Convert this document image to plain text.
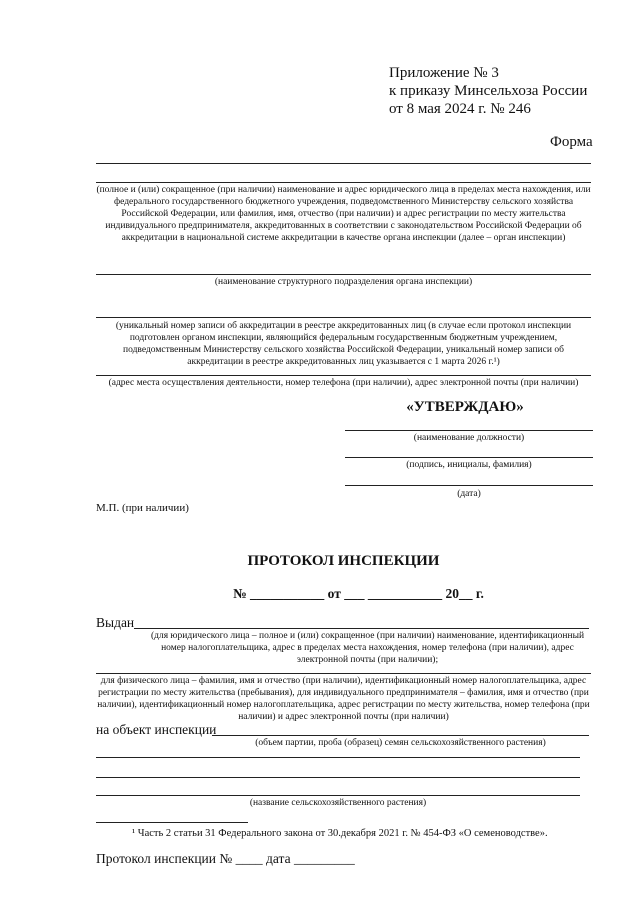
Приложение № 3
к приказу Минсельхоза России
от 8 мая 2024 г. № 246
Форма
(полное и (или) сокращенное (при наличии) наименование и адрес юридического лица в пределах места нахождения, или федерального государственного бюджетного учреждения, подведомственного Министерству сельского хозяйства Российской Федерации, или фамилия, имя, отчество (при наличии) и адрес регистрации по месту жительства индивидуального предпринимателя, аккредитованных в соответствии с законодательством Российской Федерации об аккредитации в национальной системе аккредитации в качестве органа инспекции (далее – орган инспекции)
(наименование структурного подразделения органа инспекции)
(уникальный номер записи об аккредитации в реестре аккредитованных лиц (в случае если протокол инспекции подготовлен органом инспекции, являющийся федеральным государственным бюджетным учреждением, подведомственным Министерству сельского хозяйства Российской Федерации, уникальный номер записи об аккредитации в реестре аккредитованных лиц указывается с 1 марта 2026 г.¹)
(адрес места осуществления деятельности, номер телефона (при наличии), адрес электронной почты (при наличии)
«УТВЕРЖДАЮ»
(наименование должности)
(подпись, инициалы, фамилия)
(дата)
М.П. (при наличии)
ПРОТОКОЛ ИНСПЕКЦИИ
№ ___________ от ___ ___________ 20__ г.
Выдан
(для юридического лица – полное и (или) сокращенное (при наличии) наименование, идентификационный номер налогоплательщика, адрес в пределах места нахождения, номер телефона (при наличии), адрес электронной почты (при наличии);
для физического лица – фамилия, имя и отчество (при наличии), идентификационный номер налогоплательщика, адрес регистрации по месту жительства (пребывания), для индивидуального предпринимателя – фамилия, имя и отчество (при наличии), идентификационный номер налогоплательщика, адрес регистрации по месту жительства, номер телефона (при наличии) и адрес электронной почты (при наличии)
на объект инспекции
(объем партии, проба (образец) семян сельскохозяйственного растения)
(название сельскохозяйственного растения)
¹ Часть 2 статьи 31 Федерального закона от 30.декабря 2021 г. № 454-ФЗ «О семеноводстве».
Протокол инспекции № ____ дата _________
